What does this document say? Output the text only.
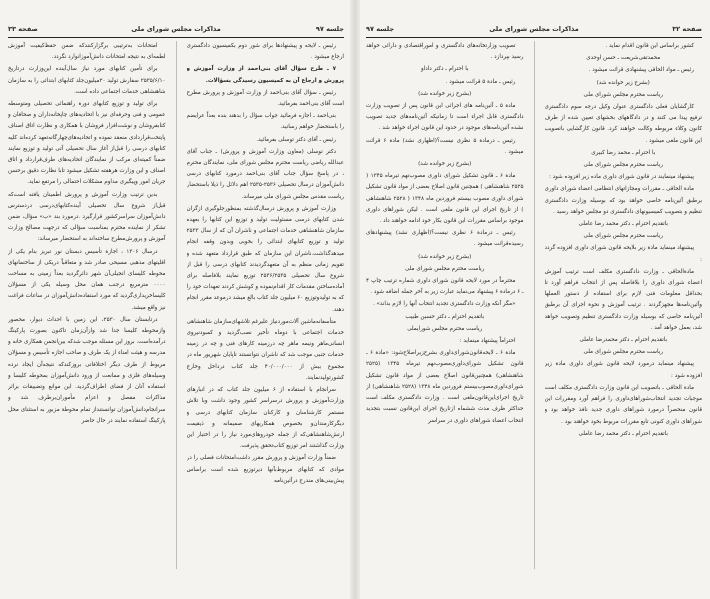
جلسه ۹۷
مذاکرات مجلس شورای ملی
صفحه ۳۳

رئیس ـ لایحه و پیشنهادها برای شور دوم بکمیسیون دادگستری ارجاع میشود .

۷ ـ طرح سؤال آقای بنی‌احمد از وزارت آموزش و پرورش و ارجاع آن به کمیسیون رسیدگی بسؤالات.

رئیس ـ سؤال آقای بنی‌احمد از وزارت آموزش و پرورش مطرح است آقای بنی‌احمد بفرمائید.

بنی‌احمد ـ اجازه فرمائید جواب سؤال را بدهند بنده بعداً عرایضم را باستحضار خواهم رسانید.

رئیس ـ آقای دکتر توسلی بفرمائید.

دکتر توسلی (معاون وزارت آموزش و پرورش) ـ جناب آقای عبدالله ریاضی ریاست محترم مجلس شورای ملی، نمایندگان محترم ، در پاسخ سؤال جناب آقای بنی‌احمد درمورد کتابهای درسی دانش‌آموزان درسال تحصیلی ۲۵۳۶-۲۵۳۵ اهم دلائل را ذیلا باستحضار ریاست مقدس مجلس شورای ملی میرساند.

وزارت آموزش و پرورش درسال‌گذشته بمنظورجلوگیری ازگران شدن کتابهای درسی مسئولیت تولید و توزیع این کتابها را بعهده سازمان شاهنشاهی خدمات اجتماعی و ناشران آن که از سال ۲۵۳۳ تولید و توزیع کتابهای ابتدائی را بخوبی وبدون وقفه انجام میدهدگذاشت.ناشران این سازمان که طبق قرارداد متعهد شده و تقویم زمانی منظم به آن متعهدگردیدند کتابهای درسی را قبل از شروع سال تحصیلی ۲۵۳۶/۲۵۳۵ توزیع نمایند بلافاصله برای آماده‌ساختن مقدمات کار اقدام‌نموده و کوشش کردند تعهدات خود را که به تولیدوتوزیع ۶۰ میلیون جلد کتاب بالغ میشد درموعد مقرر انجام دهند.

متأسفانه‌ماشین آلات‌موردنیاز علیرغم تلاشهای‌سازمان شاهنشاهی خدمات اجتماعی با دوماه تأخیر نصب‌گردید و کمبودنیروی انسانی‌ماهر ونیمه ماهر چه درزمینه کارهای فنی و چه در زمینه خدمات جنبی موجب شد که ناشران نتوانستند تاپایان شهریور ماه در مجموع بیش از ۴۰/۰۰۰/۰۰۰ جلد کتاب درداخل وخارج کشورتولیدنمایند.

سرانجام با استفاده از ۶ میلیون جلد کتاب که در انبارهای وزارت‌آموزش و پرورش درسراسر کشور وجود داشت وبا تلاش مستمر کارشناسان و کارکنان سازمان کتابهای درسی و دیگرکارمندان‌و بخصوص همکاریهای صمیمانه و ذیقیمت ارتش‌شاهنشاهی‌که از جمله خودروهای‌مورد نیاز را در اختیار این وزارت گذاشتند امر توزیع کتاب‌تحقق پذیرفت.

ضمناً وزارت آموزش و پرورش مقرر داشت‌امتحانات فصلی را در موادی که کتابهای مربوط‌بآنها دیرتوزیع شده است براساس پیش‌بینی‌های مندرج درآئین‌نامه

امتحانات به‌ترتیبی برگزارکنندکه ضمن حفظ‌کیفیت آموزش لطمه‌ای به نتیجه امتحانات دانش‌آموزانوارد نگردد.

برای تأمین کتابهای مورد نیاز سال‌آینده این‌وزارت درتاریخ ۲۵۳۵/۶/۱۰ سفارش تولید ۲۰میلیون‌جلد کتابهای ابتدائی را به سازمان شاهنشاهی خدمات اجتماعی داده است.

برای تولید و توزیع کتابهای دورة راهنمائی تحصیلی ومتوسطه عمومی و فنی وحرفه‌ای نیز با اتحادیه‌های چاپخانه‌داران و صحافان و کتابفروشان و نوشت‌افزار فروشان با همکاری و نظارت اتاق اصناف پایتخت‌قراردادی منعقد نموده و اتحادیه‌های‌چهارگانه‌تعهد کرده‌اند کلیه کتابهای درسی را قبل‌از آغاز سال تحصیلی آتی تولید و توزیع نمایند ضمناً کمیته‌ای مرکب از نمایندگان اتحادیه‌های طرف‌قرارداد و اتاق اصناف و این وزارت هرهفته تشکیل میشود تابا نظارت دقیق برحسن جریان امور وپیگیری مداوم مشکلات احتمالی را مرتفع نماید.

بدین ترتیب وزارت آموزش و پرورش اطمینان یافته است‌که قبل‌از شروع سال تحصیلی آینده‌کتابهای‌درسی دردسترس دانش‌آموزان سراسرکشور قرارگیرد .درمورد بند «ب» سؤال، ضمن تشکر از نماینده محترم بمناسبت سؤالی که درجهت مصالح وزارت آموزش و پرورش‌مطرح ساخته‌اند به استحضار میرساند:

درسال ۱۳۰۶ ، اجازة تأسیس دبستان نور تبریز بنام یکی از اقلیتهای مذهبی مسیحی صادر شد و متعاقباً دریکی از ساختمانهای محوطه کلیسای انجیلی‌آن شهر دائرگردید بعداً زمینی به مساحت ۰۰۰۰ مترمربع درجنب همان محل وسیله یکی از مسؤلان کلیساخریداری‌گردید که مورد استفاده‌دانش‌آموزان در ساعات فراغت نیز واقع میشد.

درتابستان سال ۲۵۳۰، این زمین با احداث دیوار، محصور وازمحوطه کلیسا جدا شد وازآن‌زمان تاکنون بصورت پارکینگ درآمده‌است. بروز این مسئله موجب شد‌که بین‌انجمن همکاری خانه و مدرسه و هیئت امناء از یک طرف و صاحب اجازه تأسیس و مسؤلان مربوط از طرف دیگر اختلافاتی بروزکندکه نتیجه‌آن ایجاد نرده وسیله‌های فلزی و ممانعت از ورود دانش‌آموزان بمحوطه کلیسا و استفاده آنان از فضای اطراف‌گردید. این موانع وتضییقات براثر مذاکرات مفصل و اعزام مأموران‌برطرف شد و سرانجام‌دانش‌آموزان توانستنداز تمام محوطة مزبور به استثنای محل پارکینگ استفاده نمایند در حال حاضر

صفحه ۳۲
مذاکرات مجلس شورای ملی
جلسه ۹۷

کشور براساس این قانون اقدام نماید .

محمدتقی‌شریعت ـ حسن اوحدی

رئیس ـ مواد الحاقی پیشنهادی قرائت میشود .

(بشرح زیر خوانده شد)

ریاست محترم مجلس شورای ملی

کارگشایان فعلی دادگستری عنوان وکیل درجه سوم دادگستری ترفیع پیدا می کنند و در دادگاههای بخشهای تعیین شده از طرف کانون وکلاء مربوطه وکالت خواهند کرد. قانون کارگشایی باتصویب این قانون ملغی میشود .

با احترام ـ محمد رضا کبیری

ریاست محترم مجلس شورای ملی

پیشنهاد مینمایند در قانون شورای داوری ماده زیر افزوده شود :

مادة الحاقی ـ مقررات ومجازاتهای انتظامی اعضاء شورای داوری برطبق آئین‌نامه خاصی خواهد بود که بوسیله وزارت دادگستری تنظیم و بتصویب کمیسیونهای دادگستری دو مجلس خواهد رسید .

باتقدیم احترام ـ دکتر محمد رضا عاملی

ریاست محترم مجلس شورای ملی

پیشنهاد مینماید مادة زیر بلایحه قانون شورای داوری افزوده گردد :

مادة‌الحاقی ـ وزارت دادگستری مکلف است ترتیب آموزش اعضاء شورای داوری را بلافاصله پس از انتخاب فراهم آورد تا بحداقل معلومات فنی لازم برای استفاده از دستور العملها وآئین‌نامه‌ها مجهزگردند . ترتیب آموزش و نحوة اجرای آن برطبق آئین‌نامه خاصی که بوسیله وزارت دادگستری تنظیم وتصویب خواهد شد، بعمل خواهد آمد .

باتقدیم احترام ـ دکتر محمدرضا عاملی

ریاست محترم مجلس شورای ملی

پیشنهاد مینماید درمورد لایحه قانون شورای داوری مادة زیر افزوده شود :

مادة الحاقی ـ باتصویب این قانون وزارت دادگستری مکلف است موجبات تجدید انتخاب‌شوراهای‌داوری را فراهم آورد ومقررات این قانون منحصراً درمورد شوراهای داوری جدید نافذ خواهد بود و شوراهای داوری کنونی تابع مقررات مربوط بخود خواهند بود .

باتقدیم احترام ـ دکتر محمد رضا عاملی

تصویب وزارتخانه‌های دادگستری و اموراقتصادی و دارائی خواهد رسید بپردازد .

با احترام ـ دکتر داداو

رئیس ـ مادة ۵ قرائت میشود .

(بشرح زیر خوانده شد)

مادة ۵ ـ آئین‌نامه های اجرائی این قانون پس از تصویب وزارت دادگستری قابل اجراء است تا زمانیکه آئین‌نامه‌های جدید تصویب نشده آئین‌نامه‌های موجود در حدود این قانون اجراء خواهد شد .

رئیس ـ درمادة ۵ نظری نیست؟(اظهاری نشد) مادة ۶ قرائت میشود .

(بشرح زیر خوانده شد)

مادة ۶ ـ قانون تشکیل شورای داوری مصوب‌نهم تیرماه ۱۳۴۵ ( ۲۵۲۵ شاهنشاهی ) همچنین قانون اصلاح بعضی از مواد قانون تشکیل شورای داوری مصوب بیستم فروردین ماه ۱۳۴۸ ( ۲۵۲۸ شاهنشاهی ) از تاریخ اجرای این قانون ملغی است . لیکن شوراهای داوری موجود براساس مقررات این قانون بکار خود ادامه خواهند داد .

رئیس ـ درمادة ۶ نظری نیست؟(اظهاری نشد) پیشنهادهای رسیده‌قرائت میشود .

(بشرح زیر خوانده شد)

ریاست محترم مجلس شورای ملی

محترماً در مورد لایحه قانون شورای داوری شماره ترتیب چاپ ۴ ـ ۶ درمادة ۶ پیشنهاد می‌نماید عبارت زیر به آخر جمله اضافه شود .

«مگر آنکه وزارت دادگستری تجدید انتخاب آنها را لازم بداند» .

باتقدیم احترام ـ دکتر حسین طبیب

ریاست محترم مجلس شورایملی

احتراماً پیشنهاد مینماید :

مادة ۶ ـ لایحه‌قانون‌شورای‌داوری بشرح‌زیراصلاح‌شود: «مادة ۶ ـ قانون تشکیل شورای‌داوری‌مصوب‌نهم تیرماه ۱۳۴۵ (۲۵۲۵ شاهنشاهی) همچنین‌قانون اصلاح بعضی از مواد قانون تشکیل شورای‌داوری‌مصوب‌بیستم فروردین ماه ۱۳۴۸ (۲۵۲۸ شاهنشاهی) از تاریخ اجرای‌این‌قانون‌ملغی است . وزارت دادگستری مکلف است حداکثر ظرف مدت ششماه ازتاریخ اجرای این‌قانون نسبت بتجدید انتخاب اعضاء شوراهای داوری در سراسر
